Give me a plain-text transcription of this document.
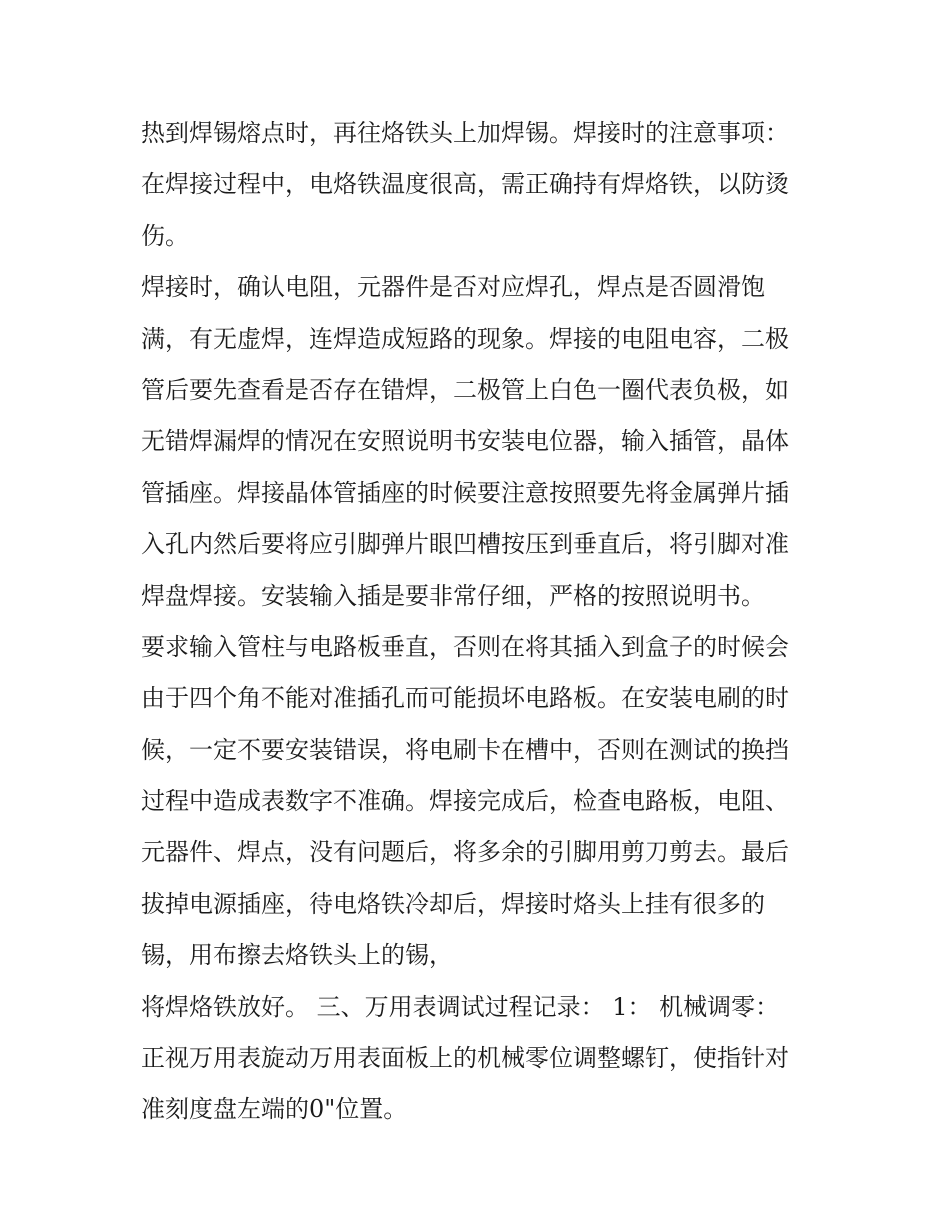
热到焊锡熔点时，再往烙铁头上加焊锡。焊接时的注意事项：
在焊接过程中，电烙铁温度很高，需正确持有焊烙铁，以防烫
伤。
焊接时，确认电阻，元器件是否对应焊孔，焊点是否圆滑饱
满，有无虚焊，连焊造成短路的现象。焊接的电阻电容，二极
管后要先查看是否存在错焊，二极管上白色一圈代表负极，如
无错焊漏焊的情况在安照说明书安装电位器，输入插管，晶体
管插座。焊接晶体管插座的时候要注意按照要先将金属弹片插
入孔内然后要将应引脚弹片眼凹槽按压到垂直后，将引脚对准
焊盘焊接。安装输入插是要非常仔细，严格的按照说明书。
要求输入管柱与电路板垂直，否则在将其插入到盒子的时候会
由于四个角不能对准插孔而可能损坏电路板。在安装电刷的时
候，一定不要安装错误，将电刷卡在槽中，否则在测试的换挡
过程中造成表数字不准确。焊接完成后，检查电路板，电阻、
元器件、焊点，没有问题后，将多余的引脚用剪刀剪去。最后
拔掉电源插座，待电烙铁冷却后，焊接时烙头上挂有很多的
锡，用布擦去烙铁头上的锡，
将焊烙铁放好。 三、万用表调试过程记录： 1： 机械调零：
正视万用表旋动万用表面板上的机械零位调整螺钉，使指针对
准刻度盘左端的0"位置。
